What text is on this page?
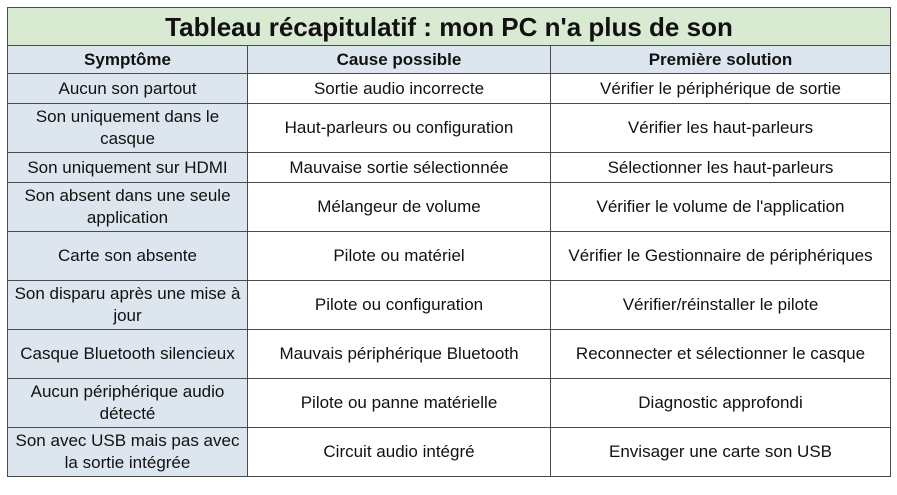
Tableau récapitulatif : mon PC n'a plus de son		
Symptôme	Cause possible	Première solution
Aucun son partout	Sortie audio incorrecte	Vérifier le périphérique de sortie
Son uniquement dans le casque	Haut-parleurs ou configuration	Vérifier les haut-parleurs
Son uniquement sur HDMI	Mauvaise sortie sélectionnée	Sélectionner les haut-parleurs
Son absent dans une seule application	Mélangeur de volume	Vérifier le volume de l'application
Carte son absente	Pilote ou matériel	Vérifier le Gestionnaire de périphériques
Son disparu après une mise à jour	Pilote ou configuration	Vérifier/réinstaller le pilote
Casque Bluetooth silencieux	Mauvais périphérique Bluetooth	Reconnecter et sélectionner le casque
Aucun périphérique audio détecté	Pilote ou panne matérielle	Diagnostic approfondi
Son avec USB mais pas avec la sortie intégrée	Circuit audio intégré	Envisager une carte son USB
